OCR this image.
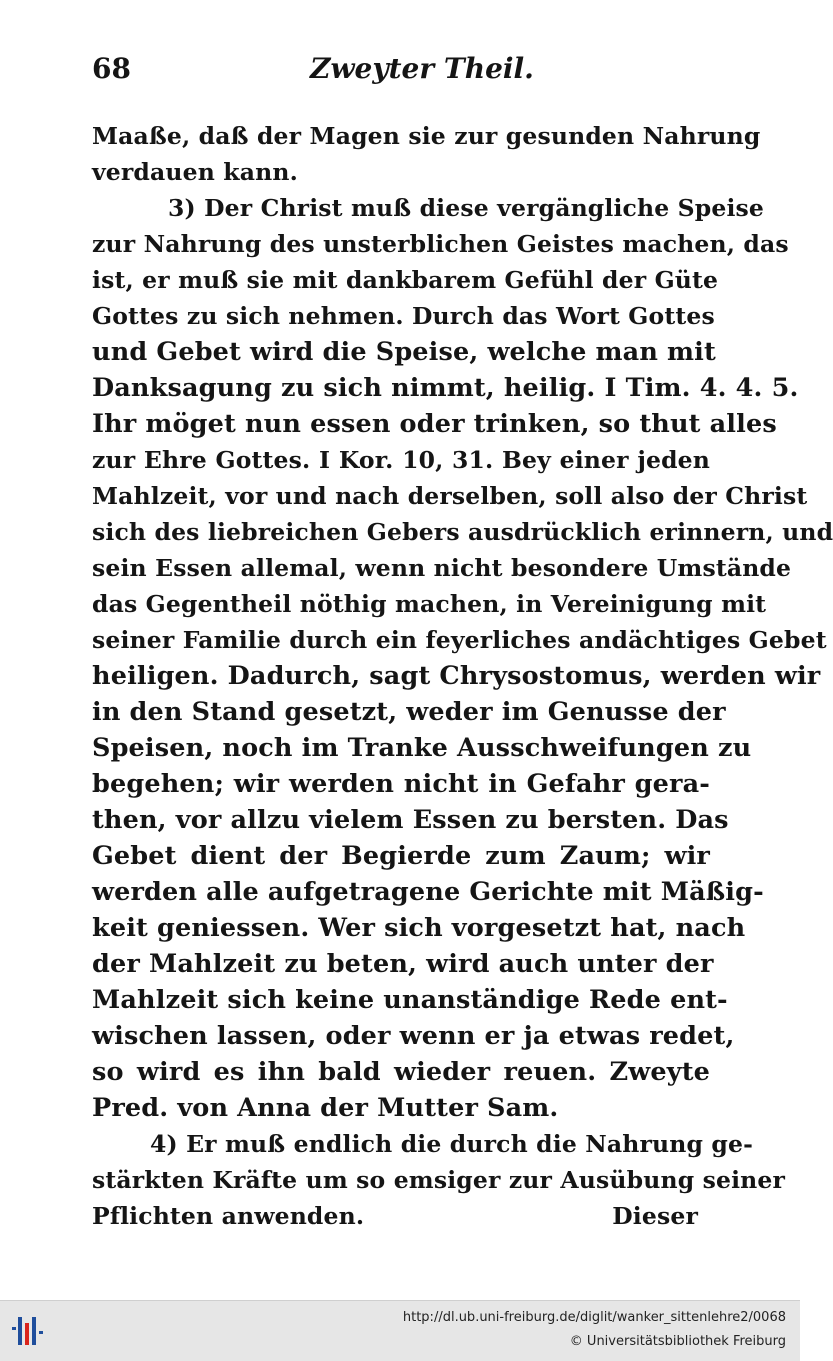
68	Zweyter Theil.
Maaße, daß der Magen sie zur gesunden Nahrung
verdauen kann.
3) Der Christ muß diese vergängliche Speise
zur Nahrung des unsterblichen Geistes machen, das
ist, er muß sie mit dankbarem Gefühl der Güte
Gottes zu sich nehmen. Durch das Wort Gottes
und Gebet wird die Speise, welche man mit
Danksagung zu sich nimmt, heilig. I Tim. 4. 4. 5.
Ihr möget nun essen oder trinken, so thut alles
zur Ehre Gottes. I Kor. 10, 31. Bey einer jeden
Mahlzeit, vor und nach derselben, soll also der Christ
sich des liebreichen Gebers ausdrücklich erinnern, und
sein Essen allemal, wenn nicht besondere Umstände
das Gegentheil nöthig machen, in Vereinigung mit
seiner Familie durch ein feyerliches andächtiges Gebet
heiligen. Dadurch, sagt Chrysostomus, werden wir
in den Stand gesetzt, weder im Genusse der
Speisen, noch im Tranke Ausschweifungen zu
begehen; wir werden nicht in Gefahr gera-
then, vor allzu vielem Essen zu bersten. Das
Gebet dient der Begierde zum Zaum; wir
werden alle aufgetragene Gerichte mit Mäßig-
keit geniessen. Wer sich vorgesetzt hat, nach
der Mahlzeit zu beten, wird auch unter der
Mahlzeit sich keine unanständige Rede ent-
wischen lassen, oder wenn er ja etwas redet,
so wird es ihn bald wieder reuen. Zweyte
Pred. von Anna der Mutter Sam.
4) Er muß endlich die durch die Nahrung ge-
stärkten Kräfte um so emsiger zur Ausübung seiner
Pflichten anwenden.	Dieser
http://dl.ub.uni-freiburg.de/diglit/wanker_sittenlehre2/0068
© Universitätsbibliothek Freiburg
